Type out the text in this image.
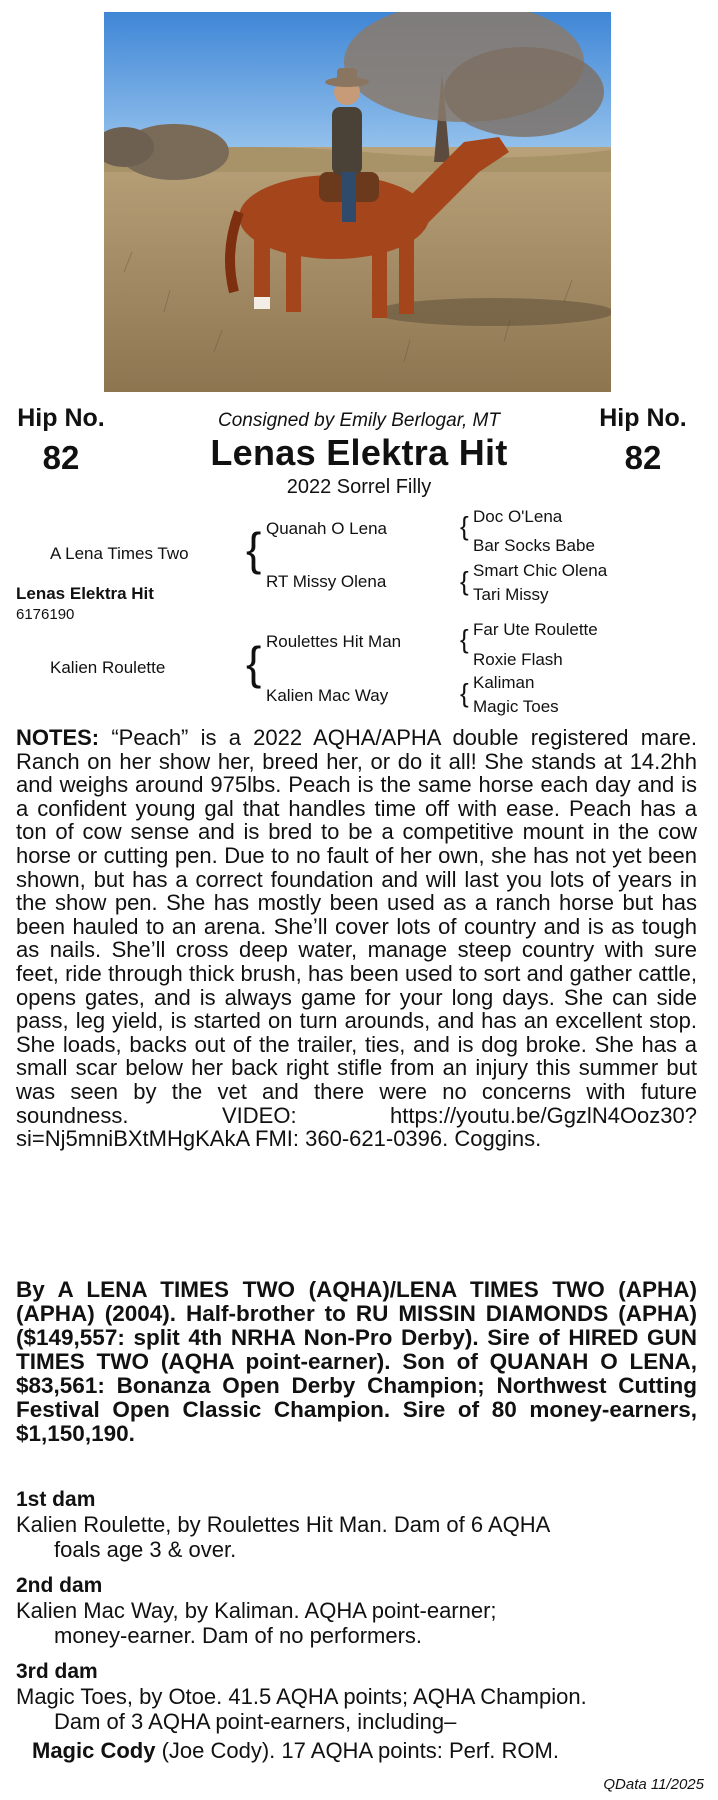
Hip No.
82
Hip No.
82
Consigned by Emily Berlogar, MT
Lenas Elektra Hit
2022 Sorrel Filly
A Lena Times Two
Lenas Elektra Hit
6176190
Kalien Roulette
{
{
Quanah O Lena
RT Missy Olena
Roulettes Hit Man
Kalien Mac Way
{
{
{
{
Doc O'Lena
Bar Socks Babe
Smart Chic Olena
Tari Missy
Far Ute Roulette
Roxie Flash
Kaliman
Magic Toes
NOTES: “Peach” is a 2022 AQHA/APHA double registered mare. Ranch on her show her, breed her, or do it all! She stands at 14.2hh and weighs around 975lbs. Peach is the same horse each day and is a confident young gal that handles time off with ease. Peach has a ton of cow sense and is bred to be a competitive mount in the cow horse or cutting pen. Due to no fault of her own, she has not yet been shown, but has a correct foundation and will last you lots of years in the show pen. She has mostly been used as a ranch horse but has been hauled to an arena. She’ll cover lots of country and is as tough as nails. She’ll cross deep water, manage steep country with sure feet, ride through thick brush, has been used to sort and gather cattle, opens gates, and is always game for your long days. She can side pass, leg yield, is started on turn arounds, and has an excellent stop. She loads, backs out of the trailer, ties, and is dog broke. She has a small scar below her back right stifle from an injury this summer but was seen by the vet and there were no concerns with future soundness. VIDEO: https://youtu.be/GgzlN4Ooz30?si=Nj5mniBXtMHgKAkA FMI: 360-621-0396. Coggins.
By A LENA TIMES TWO (AQHA)/LENA TIMES TWO (APHA) (APHA) (2004). Half-brother to RU MISSIN DIAMONDS (APHA) ($149,557: split 4th NRHA Non-Pro Derby). Sire of HIRED GUN TIMES TWO (AQHA point-earner). Son of QUANAH O LENA, $83,561: Bonanza Open Derby Champion; Northwest Cutting Festival Open Classic Champion. Sire of 80 money-earners, $1,150,190.
1st dam
Kalien Roulette, by Roulettes Hit Man. Dam of 6 AQHA
foals age 3 & over.
2nd dam
Kalien Mac Way, by Kaliman. AQHA point-earner;
money-earner. Dam of no performers.
3rd dam
Magic Toes, by Otoe. 41.5 AQHA points; AQHA Champion.
Dam of 3 AQHA point-earners, including–
Magic Cody (Joe Cody). 17 AQHA points: Perf. ROM.
QData 11/2025
